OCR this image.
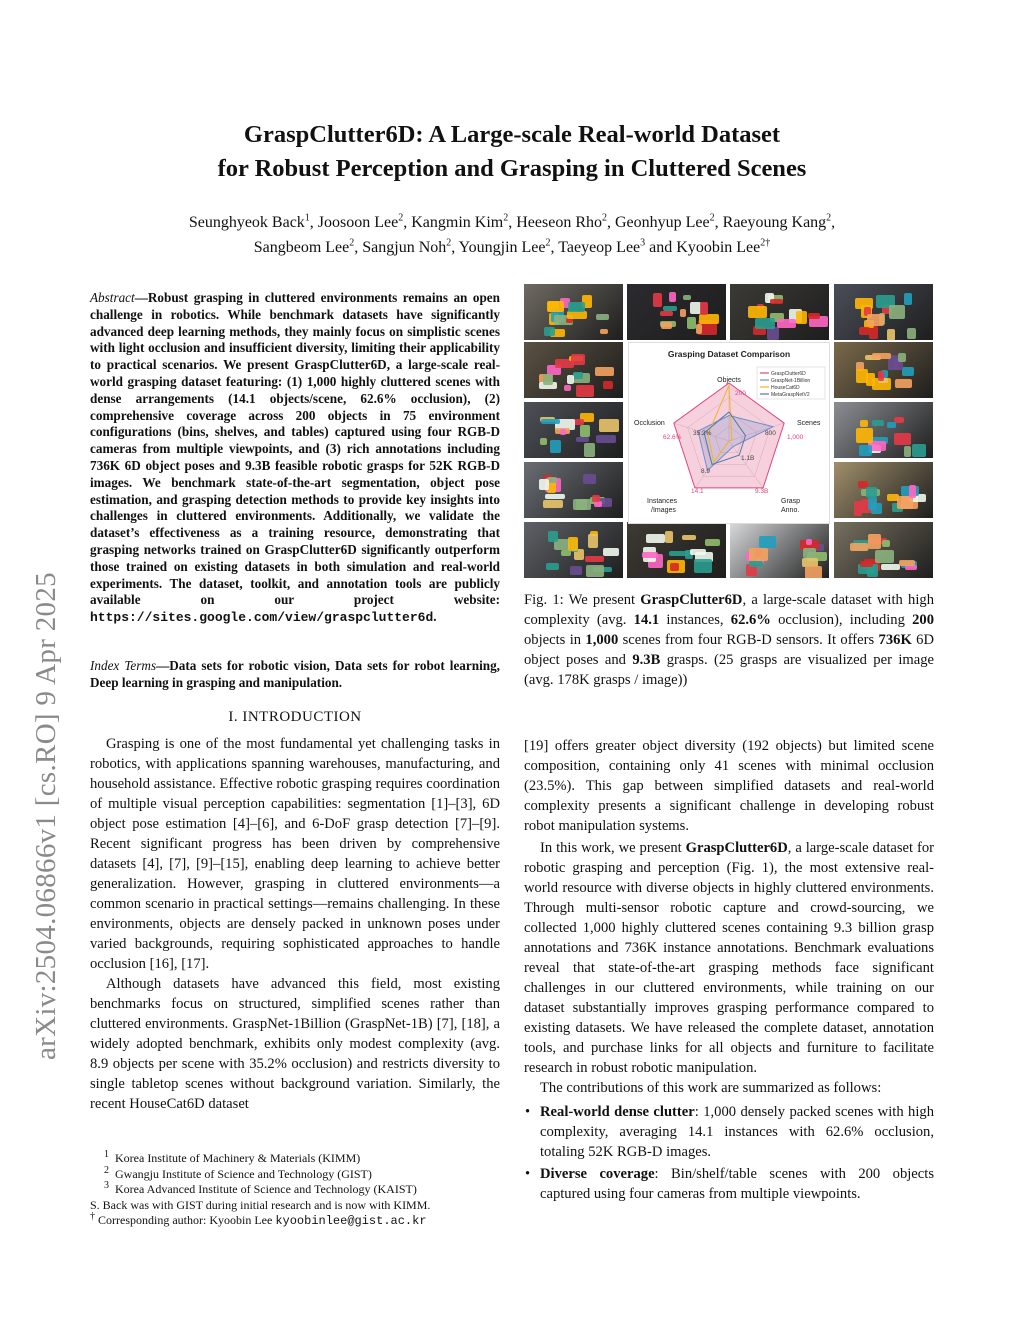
arXiv:2504.06866v1 [cs.RO] 9 Apr 2025
GraspClutter6D: A Large-scale Real-world Dataset
for Robust Perception and Grasping in Cluttered Scenes
Seunghyeok Back$^1$, Joosoon Lee$^2$, Kangmin Kim$^2$, Heeseon Rho$^2$, Geonhyup Lee$^2$, Raeyoung Kang$^2$,
Sangbeom Lee$^2$, Sangjun Noh$^2$, Youngjin Lee$^2$, Taeyeop Lee$^3$ and Kyoobin Lee$^{2\dagger}$
Abstract—Robust grasping in cluttered environments remains an open challenge in robotics. While benchmark datasets have significantly advanced deep learning methods, they mainly focus on simplistic scenes with light occlusion and insufficient diversity, limiting their applicability to practical scenarios. We present GraspClutter6D, a large-scale real-world grasping dataset featuring: (1) 1,000 highly cluttered scenes with dense arrangements (14.1 objects/scene, 62.6% occlusion), (2) comprehensive coverage across 200 objects in 75 environment configurations (bins, shelves, and tables) captured using four RGB-D cameras from multiple viewpoints, and (3) rich annotations including 736K 6D object poses and 9.3B feasible robotic grasps for 52K RGB-D images. We benchmark state-of-the-art segmentation, object pose estimation, and grasping detection methods to provide key insights into challenges in cluttered environments. Additionally, we validate the dataset’s effectiveness as a training resource, demonstrating that grasping networks trained on GraspClutter6D significantly outperform those trained on existing datasets in both simulation and real-world experiments. The dataset, toolkit, and annotation tools are publicly available on our project website: https://sites.google.com/view/graspclutter6d.
Index Terms—Data sets for robotic vision, Data sets for robot learning, Deep learning in grasping and manipulation.
I. INTRODUCTION

Grasping is one of the most fundamental yet challenging tasks in robotics, with applications spanning warehouses, manufacturing, and household assistance. Effective robotic grasping requires coordination of multiple visual perception capabilities: segmentation [1]–[3], 6D object pose estimation [4]–[6], and 6-DoF grasp detection [7]–[9]. Recent significant progress has been driven by comprehensive datasets [4], [7], [9]–[15], enabling deep learning to achieve better generalization. However, grasping in cluttered environments—a common scenario in practical settings—remains challenging. In these environments, objects are densely packed in unknown poses under varied backgrounds, requiring sophisticated approaches to handle occlusion [16], [17].

Although datasets have advanced this field, most existing benchmarks focus on structured, simplified scenes rather than cluttered environments. GraspNet-1Billion (GraspNet-1B) [7], [18], a widely adopted benchmark, exhibits only modest complexity (avg. 8.9 objects per scene with 35.2% occlusion) and restricts diversity to single tabletop scenes without background variation. Similarly, the recent HouseCat6D dataset

$^1$ Korea Institute of Machinery & Materials (KIMM)
$^2$ Gwangju Institute of Science and Technology (GIST)
$^3$ Korea Advanced Institute of Science and Technology (KAIST)
S. Back was with GIST during initial research and is now with KIMM.
† Corresponding author: Kyoobin Lee kyoobinlee@gist.ac.kr
Grasping Dataset Comparison
Objects
Scenes
Occlusion
Grasp
Anno.
Instances
/Images
200
1,000
800
62.6%
35.2%
14.1
8.9
9.3B
1.1B
GraspClutter6D
GraspNet-1Billion
HouseCat6D
MetaGraspNetV2
Fig. 1: We present GraspClutter6D, a large-scale dataset with high complexity (avg. 14.1 instances, 62.6% occlusion), including 200 objects in 1,000 scenes from four RGB-D sensors. It offers 736K 6D object poses and 9.3B grasps. (25 grasps are visualized per image (avg. 178K grasps / image))

[19] offers greater object diversity (192 objects) but limited scene composition, containing only 41 scenes with minimal occlusion (23.5%). This gap between simplified datasets and real-world complexity presents a significant challenge in developing robust robot manipulation systems.

In this work, we present GraspClutter6D, a large-scale dataset for robotic grasping and perception (Fig. 1), the most extensive real-world resource with diverse objects in highly cluttered environments. Through multi-sensor robotic capture and crowd-sourcing, we collected 1,000 highly cluttered scenes containing 9.3 billion grasp annotations and 736K instance annotations. Benchmark evaluations reveal that state-of-the-art grasping methods face significant challenges in our cluttered environments, while training on our dataset substantially improves grasping performance compared to existing datasets. We have released the complete dataset, annotation tools, and purchase links for all objects and furniture to facilitate research in robust robotic manipulation.

The contributions of this work are summarized as follows:

• Real-world dense clutter: 1,000 densely packed scenes with high complexity, averaging 14.1 instances with 62.6% occlusion, totaling 52K RGB-D images.

• Diverse coverage: Bin/shelf/table scenes with 200 objects captured using four cameras from multiple viewpoints.
